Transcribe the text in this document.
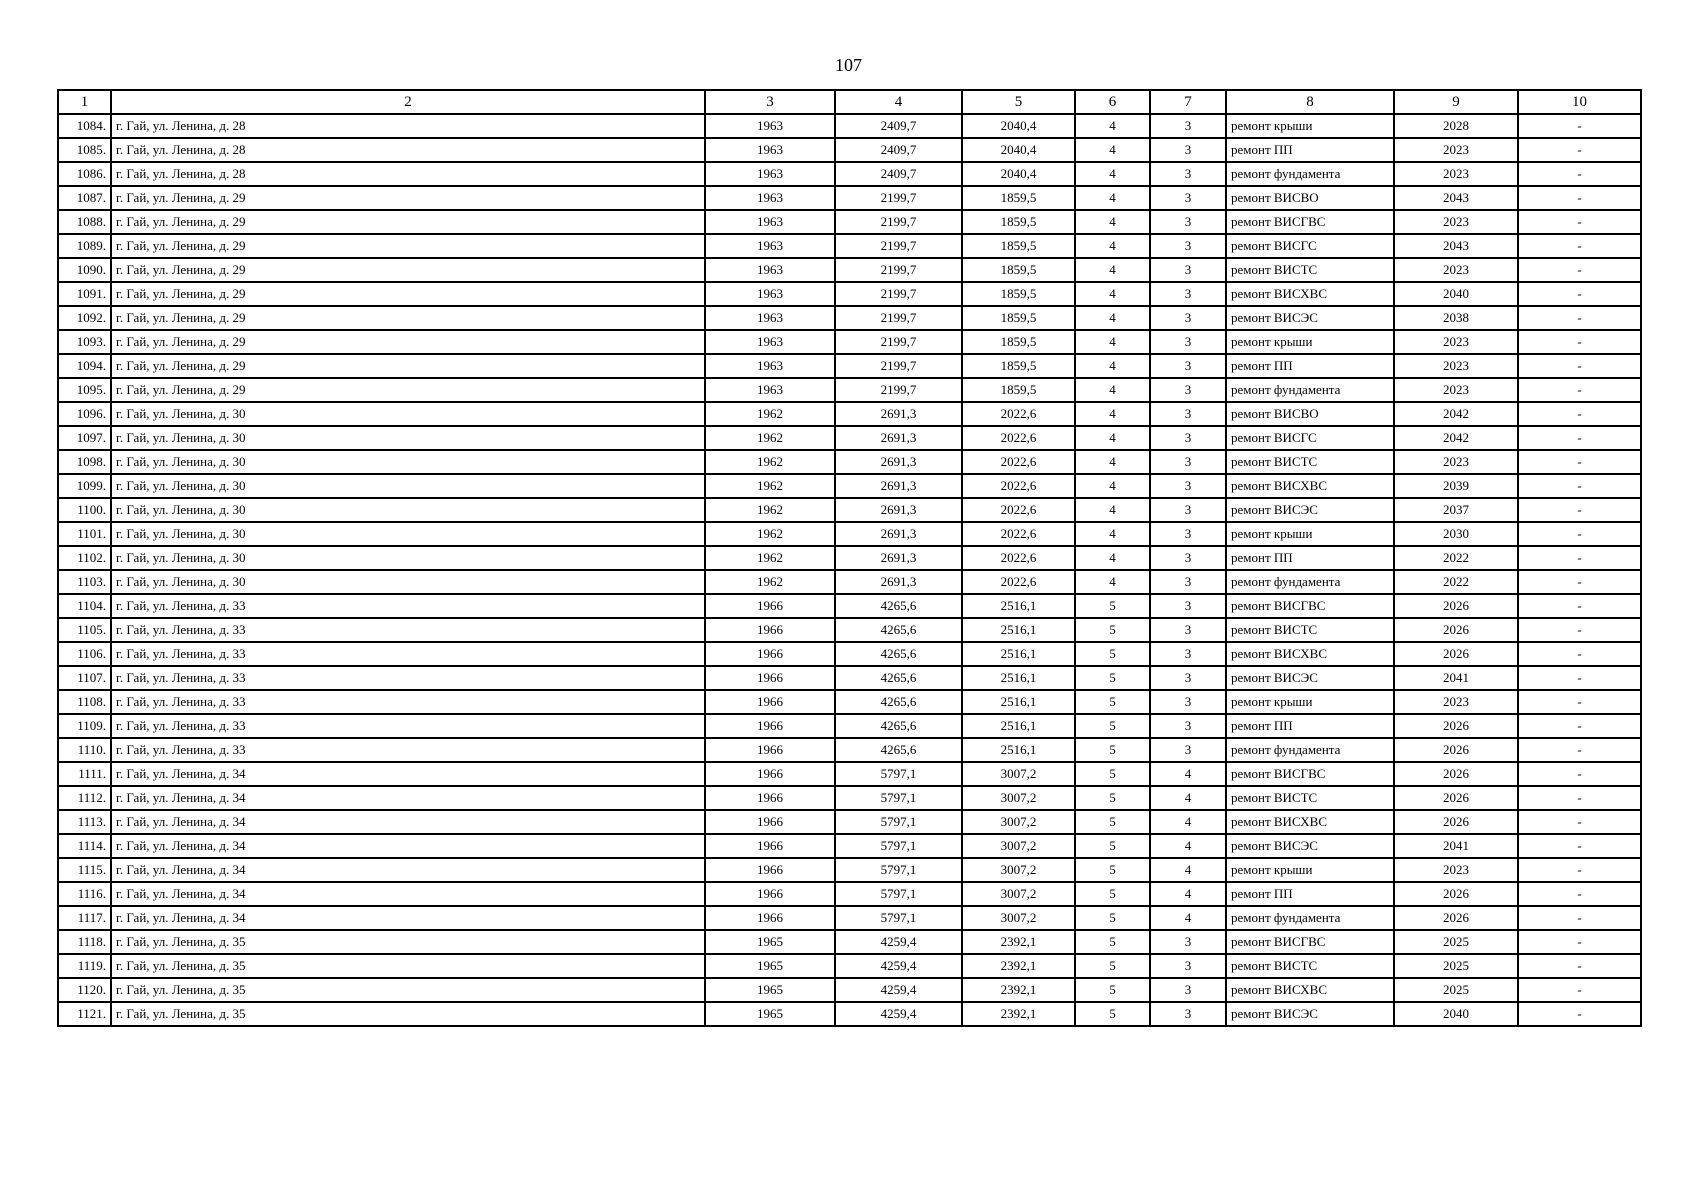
107
1	2	3	4	5	6	7	8	9	10
1084.	г. Гай, ул. Ленина, д. 28	1963	2409,7	2040,4	4	3	ремонт крыши	2028	-
1085.	г. Гай, ул. Ленина, д. 28	1963	2409,7	2040,4	4	3	ремонт ПП	2023	-
1086.	г. Гай, ул. Ленина, д. 28	1963	2409,7	2040,4	4	3	ремонт фундамента	2023	-
1087.	г. Гай, ул. Ленина, д. 29	1963	2199,7	1859,5	4	3	ремонт ВИСВО	2043	-
1088.	г. Гай, ул. Ленина, д. 29	1963	2199,7	1859,5	4	3	ремонт ВИСГВС	2023	-
1089.	г. Гай, ул. Ленина, д. 29	1963	2199,7	1859,5	4	3	ремонт ВИСГС	2043	-
1090.	г. Гай, ул. Ленина, д. 29	1963	2199,7	1859,5	4	3	ремонт ВИСТС	2023	-
1091.	г. Гай, ул. Ленина, д. 29	1963	2199,7	1859,5	4	3	ремонт ВИСХВС	2040	-
1092.	г. Гай, ул. Ленина, д. 29	1963	2199,7	1859,5	4	3	ремонт ВИСЭС	2038	-
1093.	г. Гай, ул. Ленина, д. 29	1963	2199,7	1859,5	4	3	ремонт крыши	2023	-
1094.	г. Гай, ул. Ленина, д. 29	1963	2199,7	1859,5	4	3	ремонт ПП	2023	-
1095.	г. Гай, ул. Ленина, д. 29	1963	2199,7	1859,5	4	3	ремонт фундамента	2023	-
1096.	г. Гай, ул. Ленина, д. 30	1962	2691,3	2022,6	4	3	ремонт ВИСВО	2042	-
1097.	г. Гай, ул. Ленина, д. 30	1962	2691,3	2022,6	4	3	ремонт ВИСГС	2042	-
1098.	г. Гай, ул. Ленина, д. 30	1962	2691,3	2022,6	4	3	ремонт ВИСТС	2023	-
1099.	г. Гай, ул. Ленина, д. 30	1962	2691,3	2022,6	4	3	ремонт ВИСХВС	2039	-
1100.	г. Гай, ул. Ленина, д. 30	1962	2691,3	2022,6	4	3	ремонт ВИСЭС	2037	-
1101.	г. Гай, ул. Ленина, д. 30	1962	2691,3	2022,6	4	3	ремонт крыши	2030	-
1102.	г. Гай, ул. Ленина, д. 30	1962	2691,3	2022,6	4	3	ремонт ПП	2022	-
1103.	г. Гай, ул. Ленина, д. 30	1962	2691,3	2022,6	4	3	ремонт фундамента	2022	-
1104.	г. Гай, ул. Ленина, д. 33	1966	4265,6	2516,1	5	3	ремонт ВИСГВС	2026	-
1105.	г. Гай, ул. Ленина, д. 33	1966	4265,6	2516,1	5	3	ремонт ВИСТС	2026	-
1106.	г. Гай, ул. Ленина, д. 33	1966	4265,6	2516,1	5	3	ремонт ВИСХВС	2026	-
1107.	г. Гай, ул. Ленина, д. 33	1966	4265,6	2516,1	5	3	ремонт ВИСЭС	2041	-
1108.	г. Гай, ул. Ленина, д. 33	1966	4265,6	2516,1	5	3	ремонт крыши	2023	-
1109.	г. Гай, ул. Ленина, д. 33	1966	4265,6	2516,1	5	3	ремонт ПП	2026	-
1110.	г. Гай, ул. Ленина, д. 33	1966	4265,6	2516,1	5	3	ремонт фундамента	2026	-
1111.	г. Гай, ул. Ленина, д. 34	1966	5797,1	3007,2	5	4	ремонт ВИСГВС	2026	-
1112.	г. Гай, ул. Ленина, д. 34	1966	5797,1	3007,2	5	4	ремонт ВИСТС	2026	-
1113.	г. Гай, ул. Ленина, д. 34	1966	5797,1	3007,2	5	4	ремонт ВИСХВС	2026	-
1114.	г. Гай, ул. Ленина, д. 34	1966	5797,1	3007,2	5	4	ремонт ВИСЭС	2041	-
1115.	г. Гай, ул. Ленина, д. 34	1966	5797,1	3007,2	5	4	ремонт крыши	2023	-
1116.	г. Гай, ул. Ленина, д. 34	1966	5797,1	3007,2	5	4	ремонт ПП	2026	-
1117.	г. Гай, ул. Ленина, д. 34	1966	5797,1	3007,2	5	4	ремонт фундамента	2026	-
1118.	г. Гай, ул. Ленина, д. 35	1965	4259,4	2392,1	5	3	ремонт ВИСГВС	2025	-
1119.	г. Гай, ул. Ленина, д. 35	1965	4259,4	2392,1	5	3	ремонт ВИСТС	2025	-
1120.	г. Гай, ул. Ленина, д. 35	1965	4259,4	2392,1	5	3	ремонт ВИСХВС	2025	-
1121.	г. Гай, ул. Ленина, д. 35	1965	4259,4	2392,1	5	3	ремонт ВИСЭС	2040	-
